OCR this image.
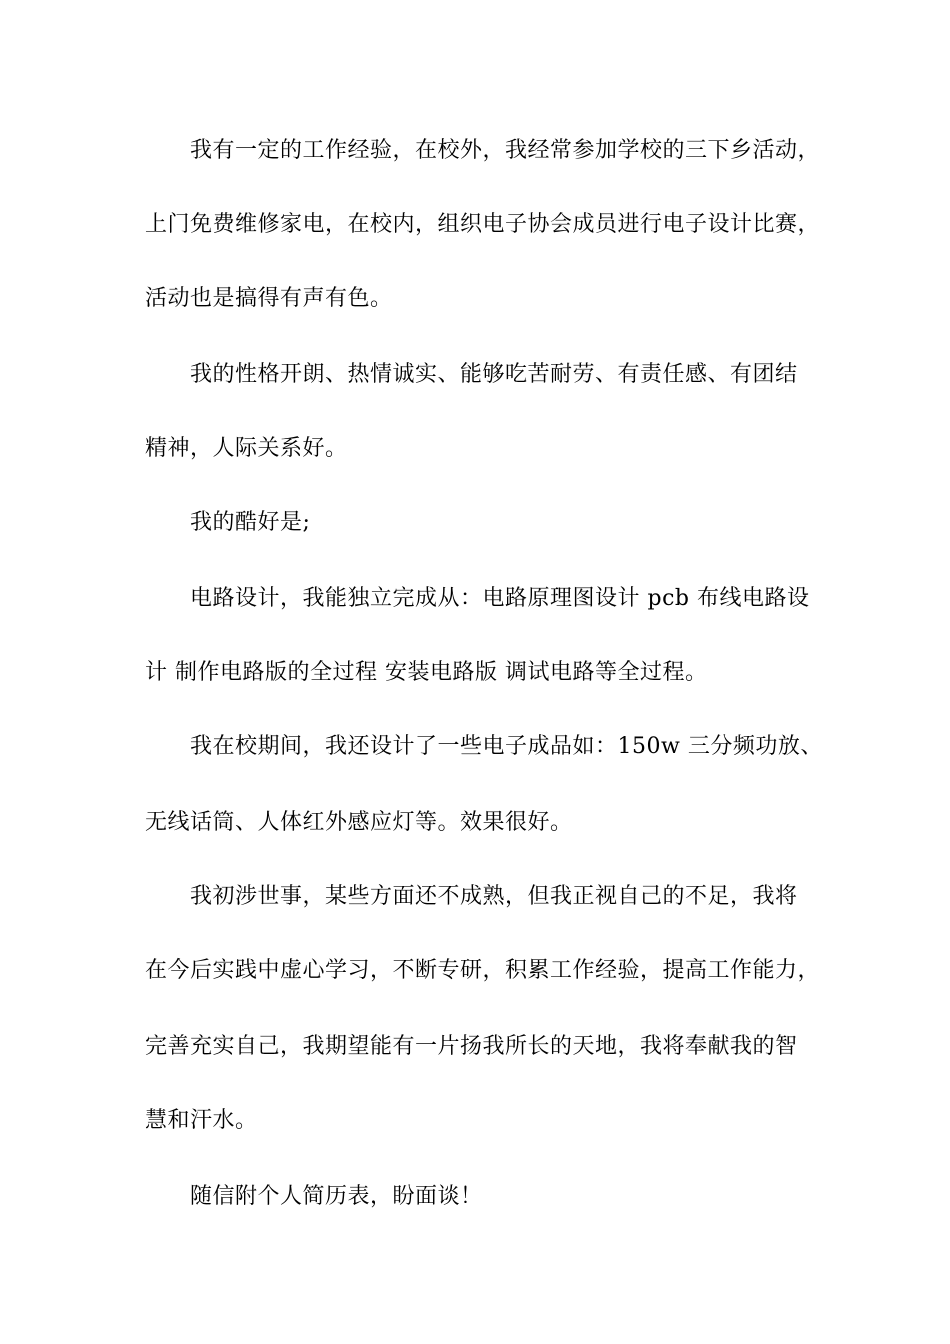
我有一定的工作经验，在校外，我经常参加学校的三下乡活动，
上门免费维修家电，在校内，组织电子协会成员进行电子设计比赛，
活动也是搞得有声有色。
我的性格开朗、热情诚实、能够吃苦耐劳、有责任感、有团结
精神，人际关系好。
我的酷好是;
电路设计，我能独立完成从：电路原理图设计 pcb 布线电路设
计 制作电路版的全过程 安装电路版 调试电路等全过程。
我在校期间，我还设计了一些电子成品如：150w 三分频功放、
无线话筒、人体红外感应灯等。效果很好。
我初涉世事，某些方面还不成熟，但我正视自己的不足，我将
在今后实践中虚心学习，不断专研，积累工作经验，提高工作能力，
完善充实自己，我期望能有一片扬我所长的天地，我将奉献我的智
慧和汗水。
随信附个人简历表，盼面谈！
